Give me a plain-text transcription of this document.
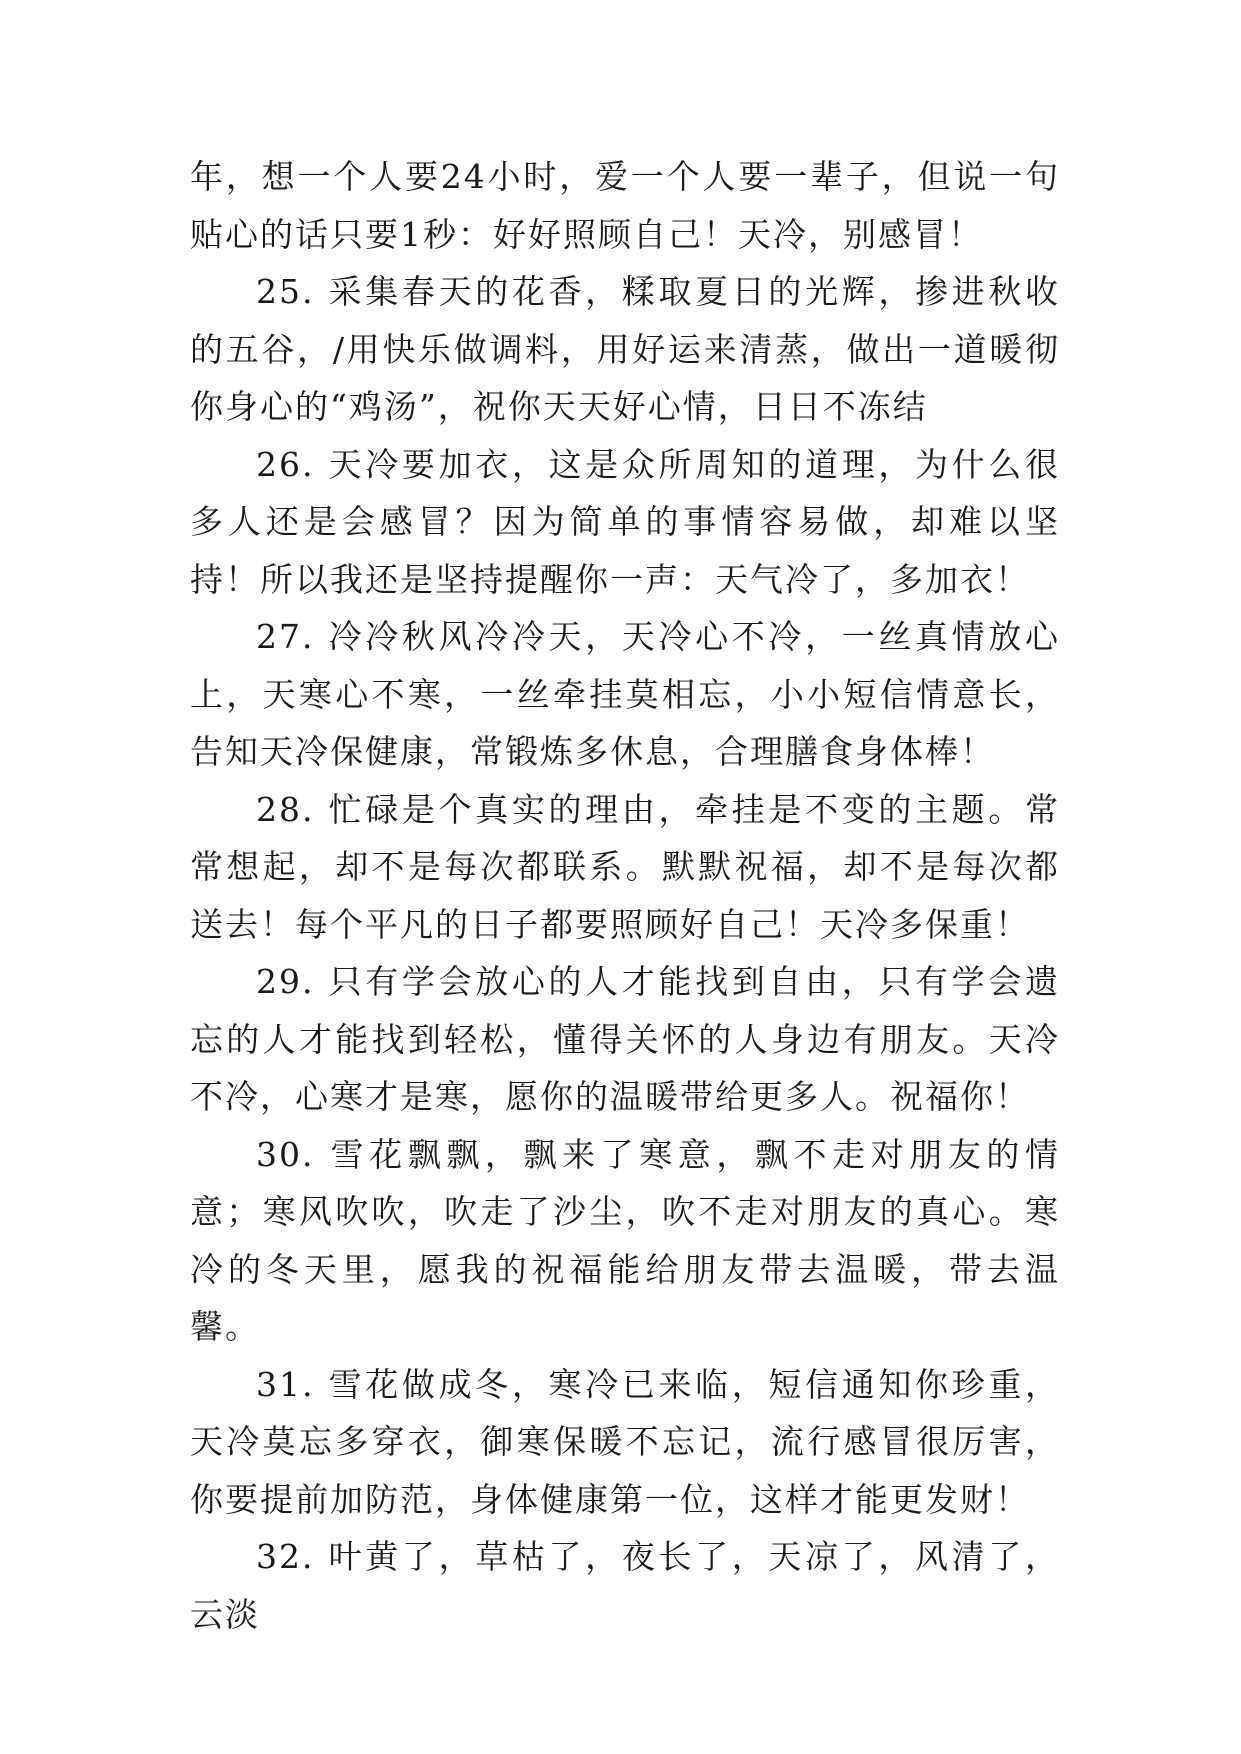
年，想一个人要24小时，爱一个人要一辈子，但说一句贴心的话只要1秒：好好照顾自己！天冷，别感冒！

25. 采集春天的花香，糅取夏日的光辉，掺进秋收的五谷，/用快乐做调料，用好运来清蒸，做出一道暖彻你身心的“鸡汤”，祝你天天好心情，日日不冻结

26. 天冷要加衣，这是众所周知的道理，为什么很多人还是会感冒？因为简单的事情容易做，却难以坚持！所以我还是坚持提醒你一声：天气冷了，多加衣！

27. 冷冷秋风冷冷天，天冷心不冷，一丝真情放心上，天寒心不寒，一丝牵挂莫相忘，小小短信情意长，告知天冷保健康，常锻炼多休息，合理膳食身体棒！

28. 忙碌是个真实的理由，牵挂是不变的主题。常常想起，却不是每次都联系。默默祝福，却不是每次都送去！每个平凡的日子都要照顾好自己！天冷多保重！

29. 只有学会放心的人才能找到自由，只有学会遗忘的人才能找到轻松，懂得关怀的人身边有朋友。天冷不冷，心寒才是寒，愿你的温暖带给更多人。祝福你！

30. 雪花飘飘，飘来了寒意，飘不走对朋友的情意；寒风吹吹，吹走了沙尘，吹不走对朋友的真心。寒冷的冬天里，愿我的祝福能给朋友带去温暖，带去温馨。

31. 雪花做成冬，寒冷已来临，短信通知你珍重，天冷莫忘多穿衣，御寒保暖不忘记，流行感冒很厉害，你要提前加防范，身体健康第一位，这样才能更发财！

32. 叶黄了，草枯了，夜长了，天凉了，风清了，云淡
